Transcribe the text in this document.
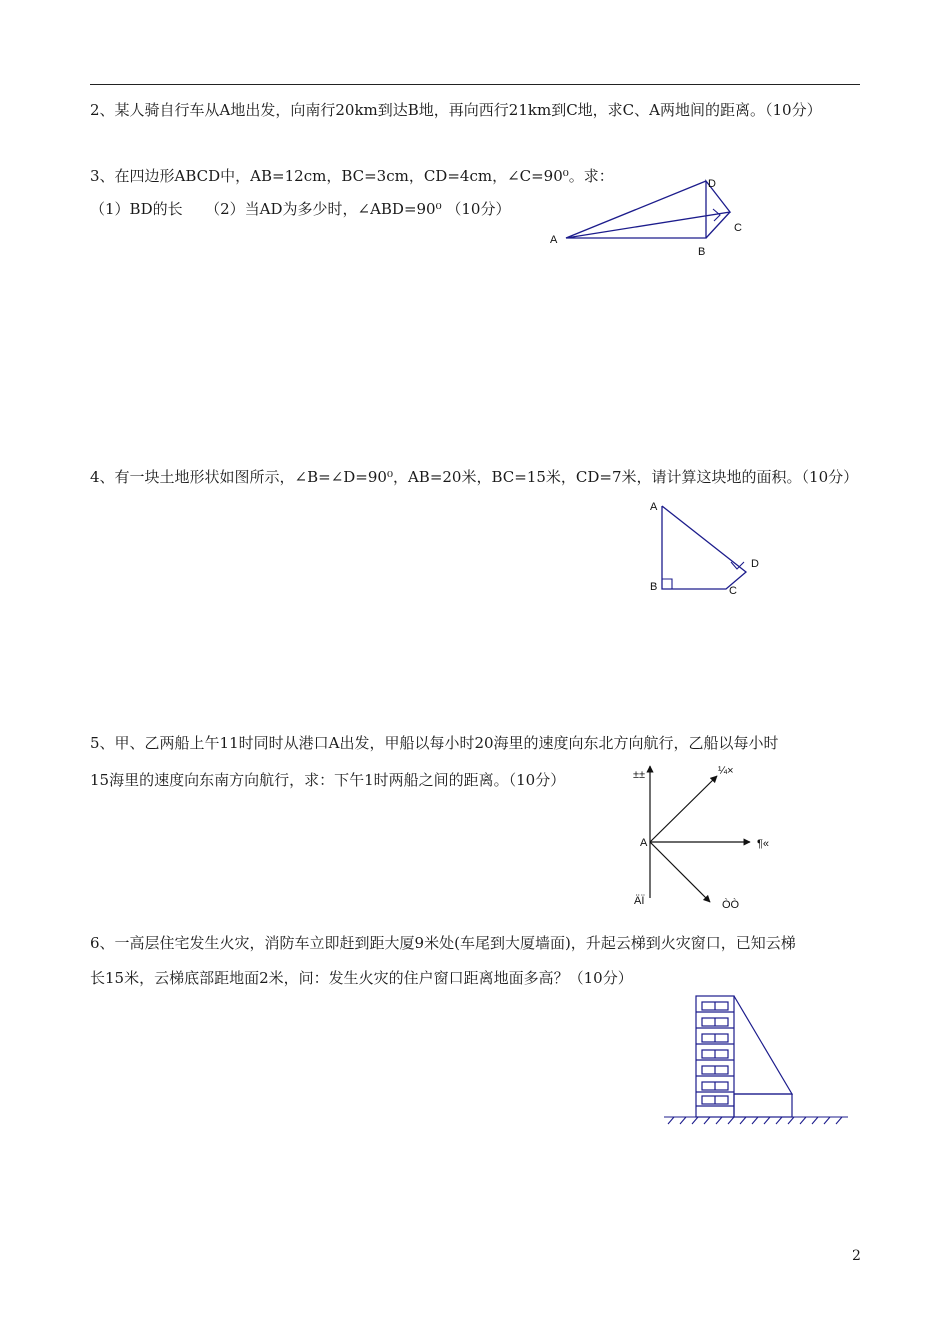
2、某人骑自行车从A地出发，向南行20km到达B地，再向西行21km到C地，求C、A两地间的距离。（10分）
3、在四边形ABCD中，AB=12cm，BC=3cm，CD=4cm，∠C=90⁰。求：
（1）BD的长　　（2）当AD为多少时，∠ABD=90⁰ （10分）
A
B
C
D
4、有一块土地形状如图所示，∠B=∠D=90⁰，AB=20米，BC=15米，CD=7米，请计算这块地的面积。（10分）
A
B	C
D
5、甲、乙两船上午11时同时从港口A出发，甲船以每小时20海里的速度向东北方向航行，乙船以每小时
15海里的速度向东南方向航行，求：下午1时两船之间的距离。（10分）	±±	¼×
¶«
A
ÄÏ	ÒÒ
6、一高层住宅发生火灾，消防车立即赶到距大厦9米处(车尾到大厦墙面)，升起云梯到火灾窗口，已知云梯
长15米，云梯底部距地面2米，问：发生火灾的住户窗口距离地面多高？（10分）
2
